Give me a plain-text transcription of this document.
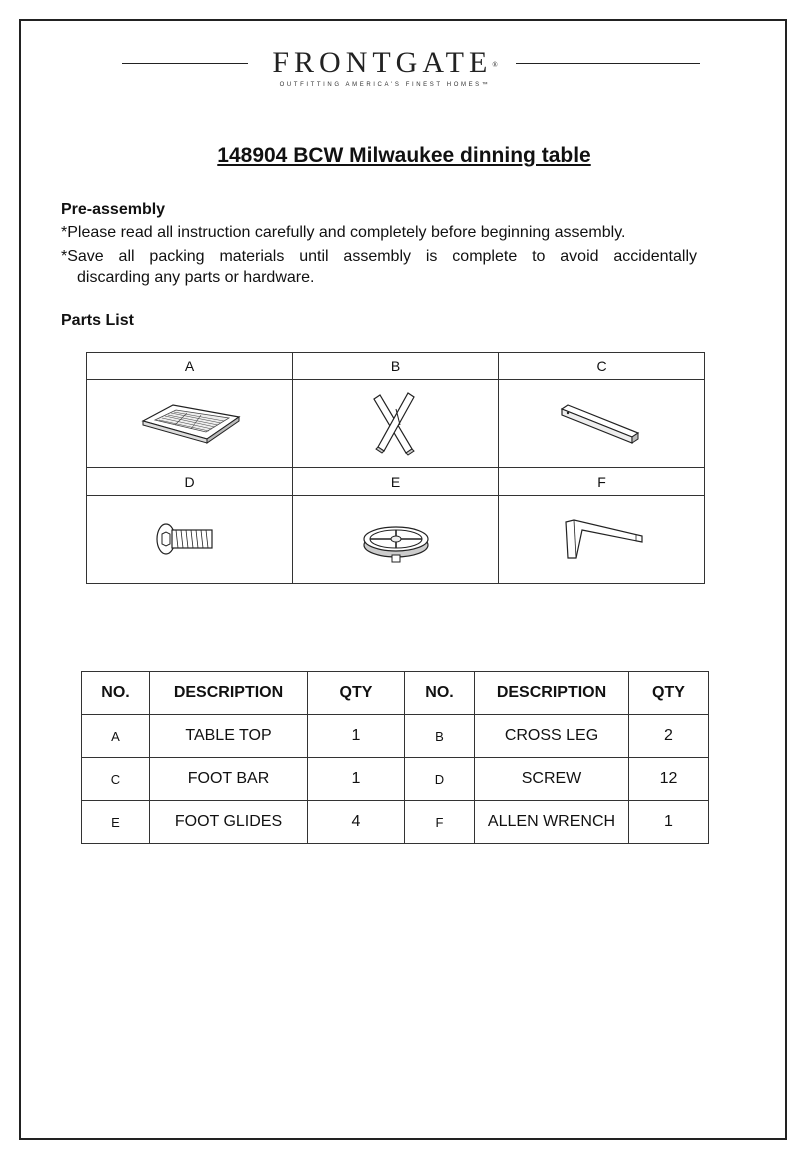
FRONTGATE®
OUTFITTING AMERICA'S FINEST HOMES™
148904 BCW Milwaukee dinning table
Pre-assembly
*Please read all instruction carefully and completely before beginning assembly.
*Save all packing materials until assembly is complete to avoid accidentally
discarding any parts or hardware.
Parts List
A	B	C

D	E	F

NO.	DESCRIPTION	QTY	NO.	DESCRIPTION	QTY
A	TABLE TOP	1	B	CROSS LEG	2
C	FOOT BAR	1	D	SCREW	12
E	FOOT GLIDES	4	F	ALLEN WRENCH	1
